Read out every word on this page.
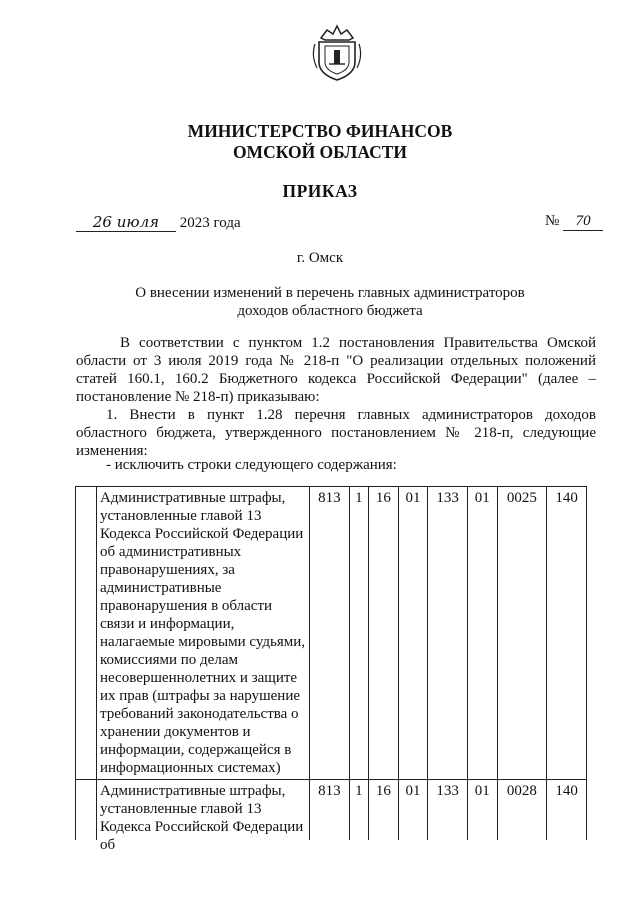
МИНИСТЕРСТВО ФИНАНСОВ
ОМСКОЙ ОБЛАСТИ
ПРИКАЗ
26 июля 2023 года	№ 70
г. Омск
О внесении изменений в перечень главных администраторов
доходов областного бюджета
В соответствии с пунктом 1.2 постановления Правительства Омской области от 3 июля 2019 года № 218-п "О реализации отдельных положений статей 160.1, 160.2 Бюджетного кодекса Российской Федерации" (далее – постановление № 218-п) приказываю:
1. Внести в пункт 1.28 перечня главных администраторов доходов областного бюджета, утвержденного постановлением № 218-п, следующие изменения:
- исключить строки следующего содержания:
	Административные штрафы, установленные главой 13 Кодекса Российской Федерации об административных правонарушениях, за административные правонарушения в области связи и информации, налагаемые мировыми судьями, комиссиями по делам несовершеннолетних и защите их прав (штрафы за нарушение требований законодательства о хранении документов и информации, содержащейся в информационных системах)	813	1	16	01	133	01	0025	140

	Административные штрафы, установленные главой 13 Кодекса Российской Федерации об	813	1	16	01	133	01	0028	140
